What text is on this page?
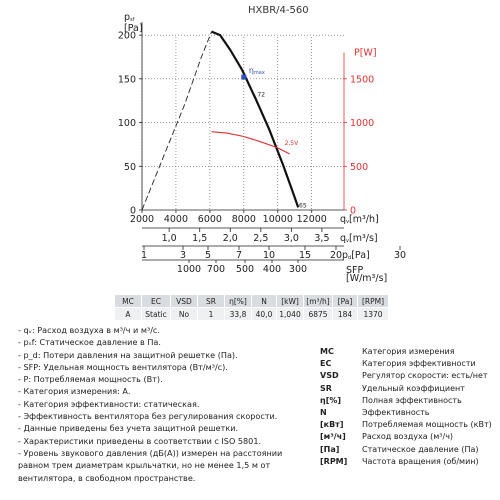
HXBR/4-560
ηmax
72
2,5V
65
0
50
100
150
200
psf
[Pa]
0
500
1000
1500
P[W]
2000 4000 6000 8000 10000 12000 qv[m³/h]
1,0 1,5 2,0 2,5 3,0 3,5 qv[m³/s]
1	3 5	7 10	15 20	30
pd[Pa]
1000 700 500 400 300	SFP
[W/m³/s]
MC	EC	VSD	SR	η[%]	N	[kW]	[m³/h]	[Pa]	[RPM]
A	Static	No	1	33,8	40,0	1,040	6875	184	1370
- qᵥ: Расход воздуха в м³/ч и м³/с.
- pₛf: Статическое давление в Па.
- p_d: Потери давления на защитной решетке (Па).
- SFP: Удельная мощность вентилятора (Вт/м³/с).
- P: Потребляемая мощность (Вт).
- Категория измерения: A.
- Категория эффективности: статическая.
- Эффективность вентилятора без регулирования скорости.
- Данные приведены без учета защитной решетки.
- Характеристики приведены в соответствии с ISO 5801.
- Уровень звукового давления (дБ(А)) измерен на расстоянии равном трем диаметрам крыльчатки, но не менее 1,5 м от вентилятора, в свободном пространстве.
MC	Категория измерения
EC	Категория эффективности
VSD	Регулятор скорости: есть/нет
SR	Удельный коэффициент
η[%]	Полная эффективность
N	Эффективность
[кВт]	Потребляемая мощность (кВт)
[м³/ч]	Расход воздуха (м³/ч)
[Па]	Статическое давление (Па)
[RPM]	Частота вращения (об/мин)
